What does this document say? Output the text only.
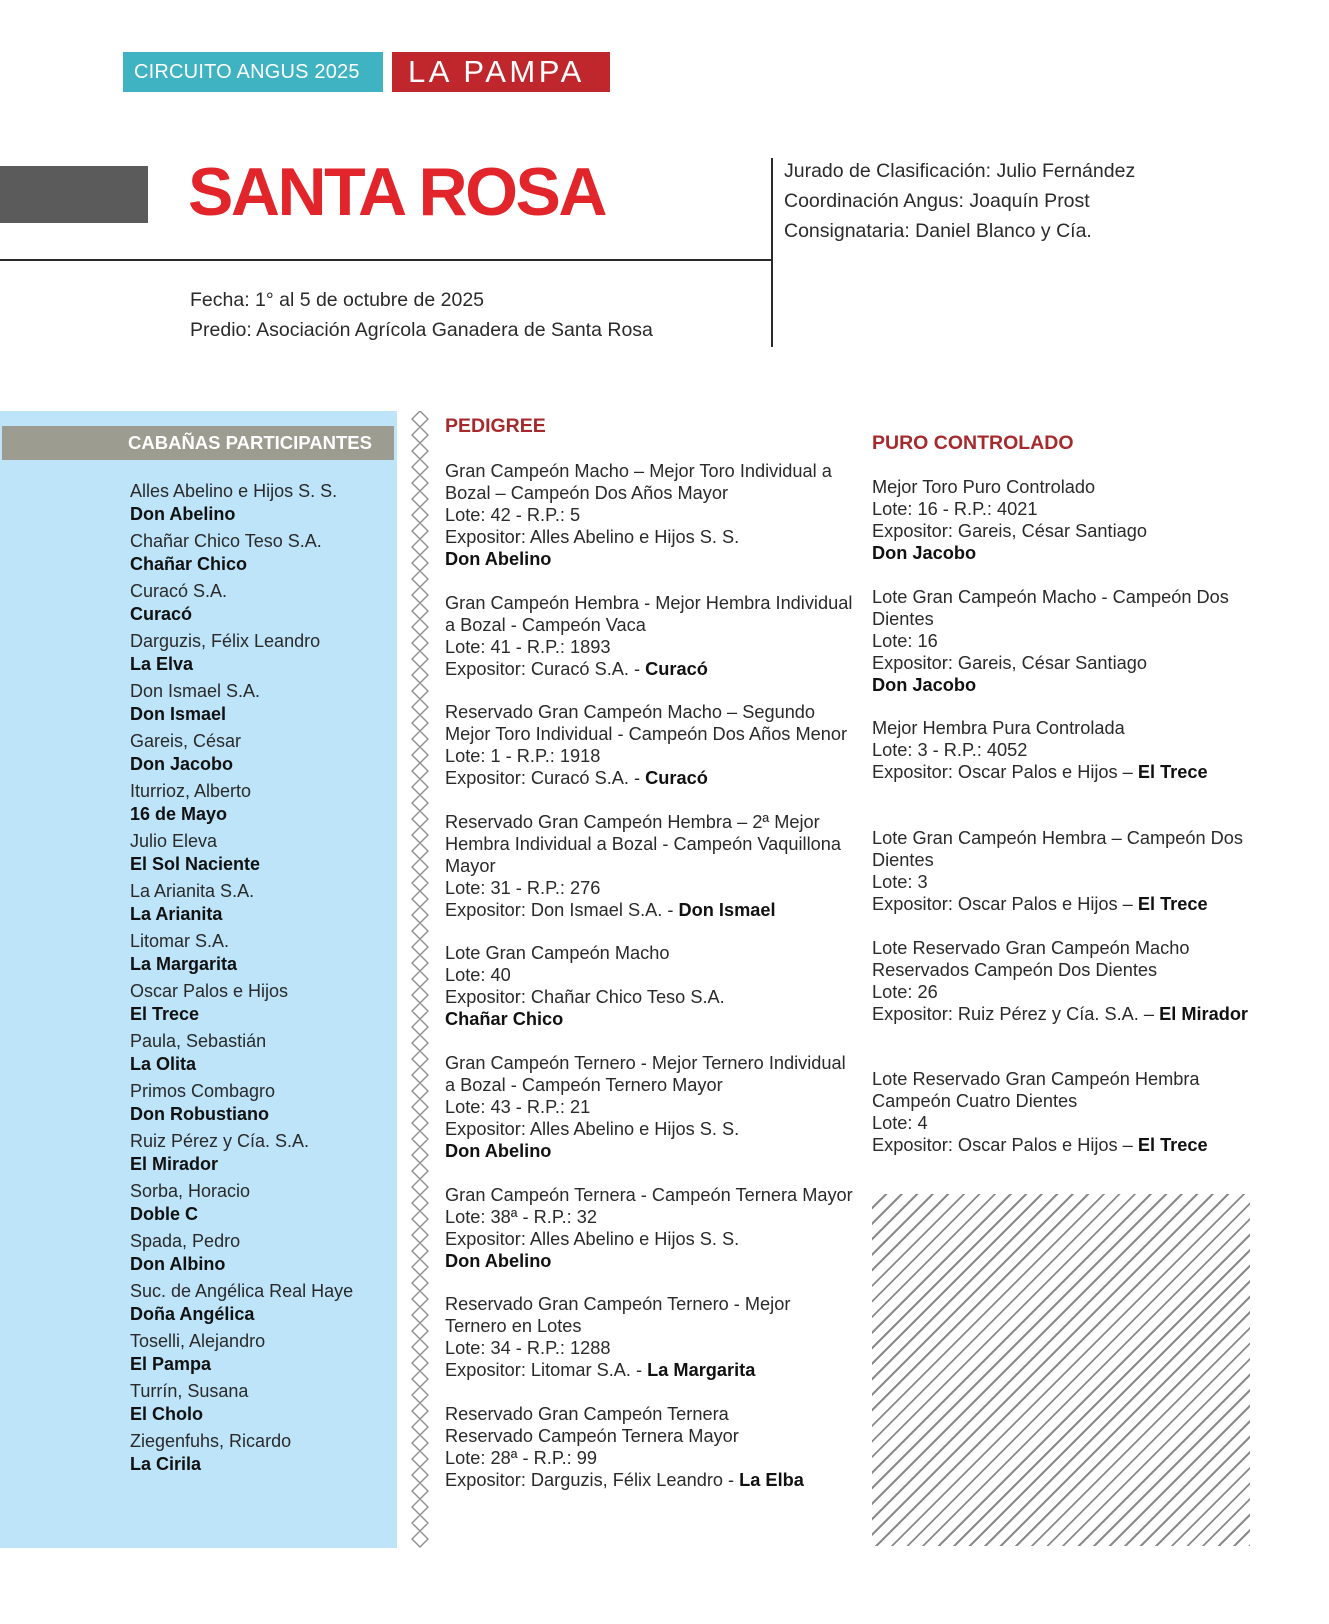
CIRCUITO ANGUS 2025	LA PAMPA
SANTA ROSA	Jurado de Clasificación: Julio Fernández
Coordinación Angus: Joaquín Prost
Consignataria: Daniel Blanco y Cía.
Fecha: 1° al 5 de octubre de 2025
Predio: Asociación Agrícola Ganadera de Santa Rosa
CABAÑAS PARTICIPANTES
Alles Abelino e Hijos S. S.
Don Abelino
Chañar Chico Teso S.A.
Chañar Chico
Curacó S.A.
Curacó
Darguzis, Félix Leandro
La Elva
Don Ismael S.A.
Don Ismael
Gareis, César
Don Jacobo
Iturrioz, Alberto
16 de Mayo
Julio Eleva
El Sol Naciente
La Arianita S.A.
La Arianita
Litomar S.A.
La Margarita
Oscar Palos e Hijos
El Trece
Paula, Sebastián
La Olita
Primos Combagro
Don Robustiano
Ruiz Pérez y Cía. S.A.
El Mirador
Sorba, Horacio
Doble C
Spada, Pedro
Don Albino
Suc. de Angélica Real Haye
Doña Angélica
Toselli, Alejandro
El Pampa
Turrín, Susana
El Cholo
Ziegenfuhs, Ricardo
La Cirila
PEDIGREE
Gran Campeón Macho – Mejor Toro Individual a
Bozal – Campeón Dos Años Mayor
Lote: 42 - R.P.: 5
Expositor: Alles Abelino e Hijos S. S.
Don Abelino
Gran Campeón Hembra - Mejor Hembra Individual
a Bozal - Campeón Vaca
Lote: 41 - R.P.: 1893
Expositor: Curacó S.A. - Curacó
Reservado Gran Campeón Macho – Segundo
Mejor Toro Individual - Campeón Dos Años Menor
Lote: 1 - R.P.: 1918
Expositor: Curacó S.A. - Curacó
Reservado Gran Campeón Hembra – 2ª Mejor
Hembra Individual a Bozal - Campeón Vaquillona
Mayor
Lote: 31 - R.P.: 276
Expositor: Don Ismael S.A. - Don Ismael
Lote Gran Campeón Macho
Lote: 40
Expositor: Chañar Chico Teso S.A.
Chañar Chico
Gran Campeón Ternero - Mejor Ternero Individual
a Bozal - Campeón Ternero Mayor
Lote: 43 - R.P.: 21
Expositor: Alles Abelino e Hijos S. S.
Don Abelino
Gran Campeón Ternera - Campeón Ternera Mayor
Lote: 38ª - R.P.: 32
Expositor: Alles Abelino e Hijos S. S.
Don Abelino
Reservado Gran Campeón Ternero - Mejor
Ternero en Lotes
Lote: 34 - R.P.: 1288
Expositor: Litomar S.A. - La Margarita
Reservado Gran Campeón Ternera
Reservado Campeón Ternera Mayor
Lote: 28ª - R.P.: 99
Expositor: Darguzis, Félix Leandro - La Elba
PURO CONTROLADO
Mejor Toro Puro Controlado
Lote: 16 - R.P.: 4021
Expositor: Gareis, César Santiago
Don Jacobo
Lote Gran Campeón Macho - Campeón Dos
Dientes
Lote: 16
Expositor: Gareis, César Santiago
Don Jacobo
Mejor Hembra Pura Controlada
Lote: 3 - R.P.: 4052
Expositor: Oscar Palos e Hijos – El Trece
Lote Gran Campeón Hembra – Campeón Dos
Dientes
Lote: 3
Expositor: Oscar Palos e Hijos – El Trece
Lote Reservado Gran Campeón Macho
Reservados Campeón Dos Dientes
Lote: 26
Expositor: Ruiz Pérez y Cía. S.A. – El Mirador
Lote Reservado Gran Campeón Hembra
Campeón Cuatro Dientes
Lote: 4
Expositor: Oscar Palos e Hijos – El Trece
